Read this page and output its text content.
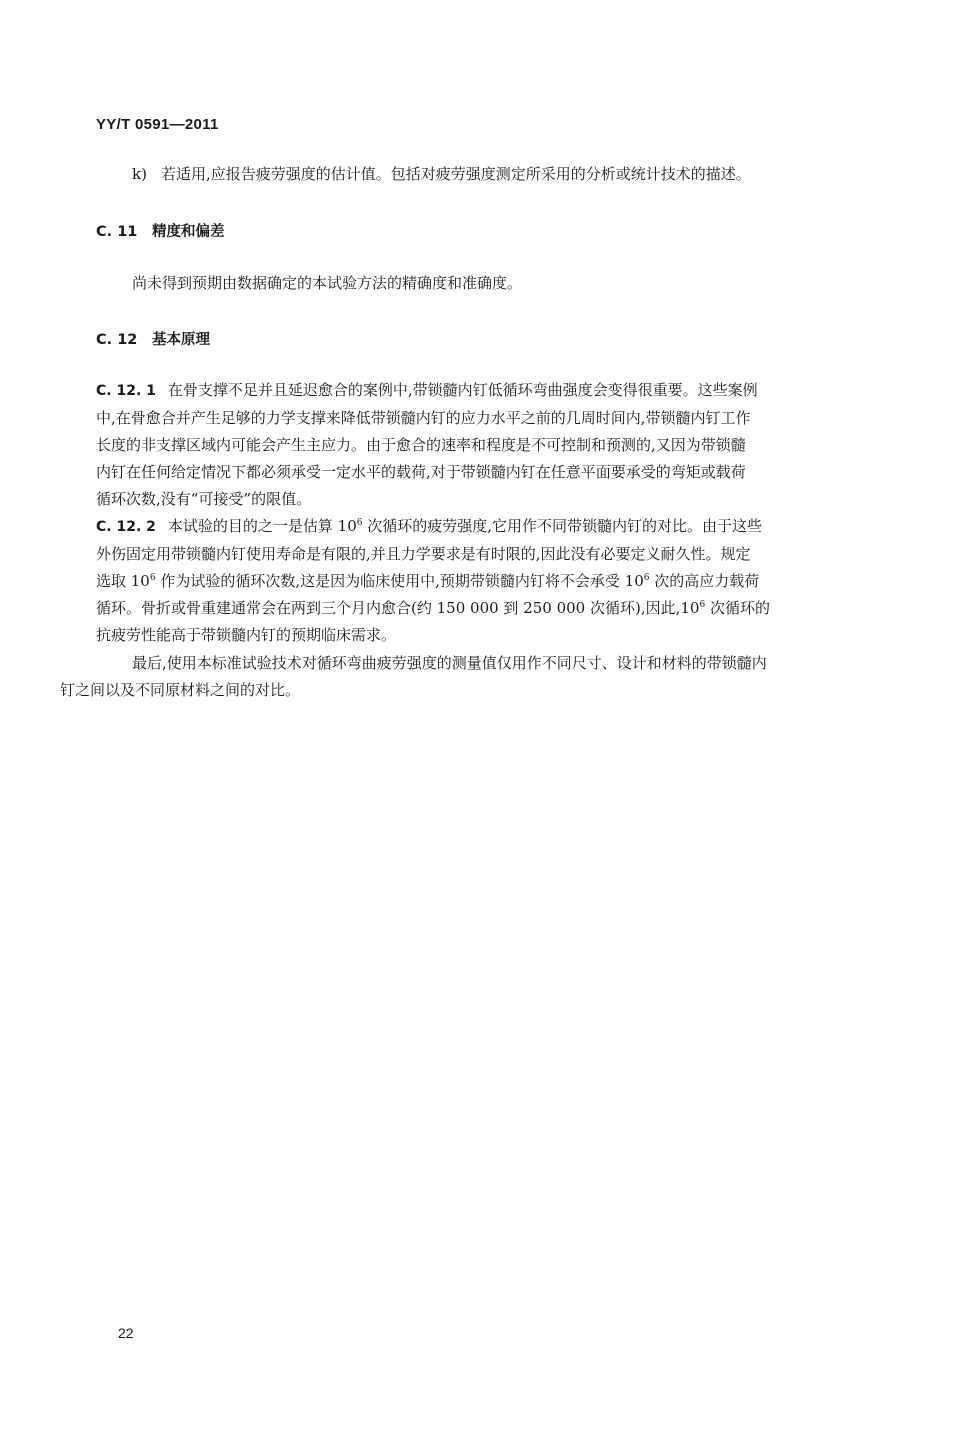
YY/T 0591—2011

k) 若适用,应报告疲劳强度的估计值。包括对疲劳强度测定所采用的分析或统计技术的描述。

C. 11 精度和偏差

尚未得到预期由数据确定的本试验方法的精确度和准确度。

C. 12 基本原理
C. 12. 1 在骨支撑不足并且延迟愈合的案例中,带锁髓内钉低循环弯曲强度会变得很重要。这些案例
中,在骨愈合并产生足够的力学支撑来降低带锁髓内钉的应力水平之前的几周时间内,带锁髓内钉工作
长度的非支撑区域内可能会产生主应力。由于愈合的速率和程度是不可控制和预测的,又因为带锁髓
内钉在任何给定情况下都必须承受一定水平的载荷,对于带锁髓内钉在任意平面要承受的弯矩或载荷
循环次数,没有“可接受”的限值。
C. 12. 2 本试验的目的之一是估算 $10^6$ 次循环的疲劳强度,它用作不同带锁髓内钉的对比。由于这些
外伤固定用带锁髓内钉使用寿命是有限的,并且力学要求是有时限的,因此没有必要定义耐久性。规定
选取 $10^6$ 作为试验的循环次数,这是因为临床使用中,预期带锁髓内钉将不会承受 $10^6$ 次的高应力载荷
循环。骨折或骨重建通常会在两到三个月内愈合(约 150 000 到 250 000 次循环),因此$,10^6$ 次循环的
抗疲劳性能高于带锁髓内钉的预期临床需求。
最后,使用本标准试验技术对循环弯曲疲劳强度的测量值仅用作不同尺寸、设计和材料的带锁髓内
钉之间以及不同原材料之间的对比。
22
